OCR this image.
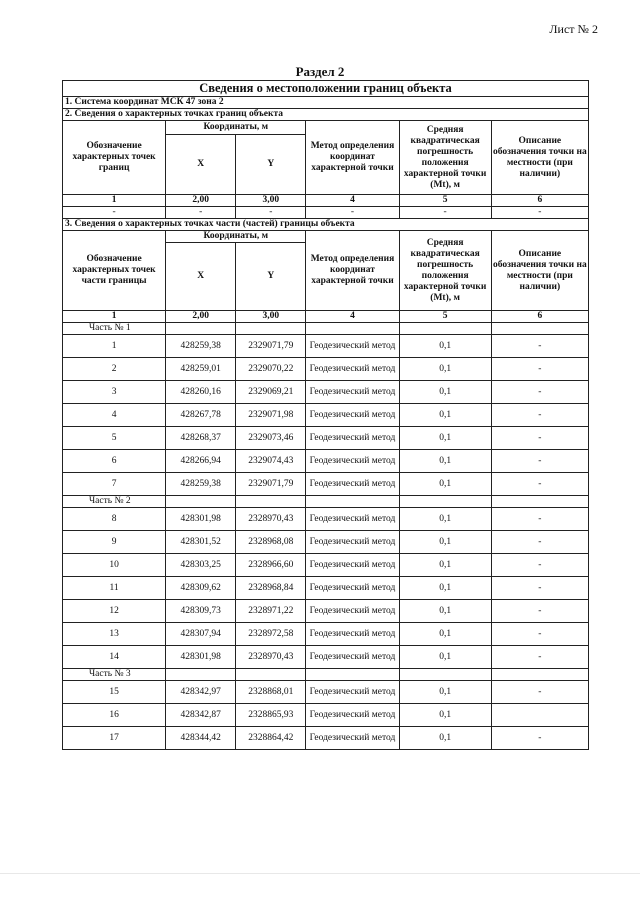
Лист № 2
Раздел 2
Сведения о местоположении границ объекта					
1. Система координат МСК 47 зона 2					
2. Сведения о характерных точках границ объекта					
Обозначение характерных точек границ	Координаты, м		Метод определения координат характерной точки	Средняя квадратическая погрешность положения характерной точки (Mt), м	Описание обозначения точки на местности (при наличии)
	X	Y			
1	2,00	3,00	4	5	6
-	-	-	-	-	-
3. Сведения о характерных точках части (частей) границы объекта					
Обозначение характерных точек части границы	Координаты, м		Метод определения координат характерной точки	Средняя квадратическая погрешность положения характерной точки (Mt), м	Описание обозначения точки на местности (при наличии)
	X	Y			
1	2,00	3,00	4	5	6
Часть № 1					
1	428259,38	2329071,79	Геодезический метод	0,1	-
2	428259,01	2329070,22	Геодезический метод	0,1	-
3	428260,16	2329069,21	Геодезический метод	0,1	-
4	428267,78	2329071,98	Геодезический метод	0,1	-
5	428268,37	2329073,46	Геодезический метод	0,1	-
6	428266,94	2329074,43	Геодезический метод	0,1	-
7	428259,38	2329071,79	Геодезический метод	0,1	-
Часть № 2					
8	428301,98	2328970,43	Геодезический метод	0,1	-
9	428301,52	2328968,08	Геодезический метод	0,1	-
10	428303,25	2328966,60	Геодезический метод	0,1	-
11	428309,62	2328968,84	Геодезический метод	0,1	-
12	428309,73	2328971,22	Геодезический метод	0,1	-
13	428307,94	2328972,58	Геодезический метод	0,1	-
14	428301,98	2328970,43	Геодезический метод	0,1	-
Часть № 3					
15	428342,97	2328868,01	Геодезический метод	0,1	-
16	428342,87	2328865,93	Геодезический метод	0,1	
17	428344,42	2328864,42	Геодезический метод	0,1	-
